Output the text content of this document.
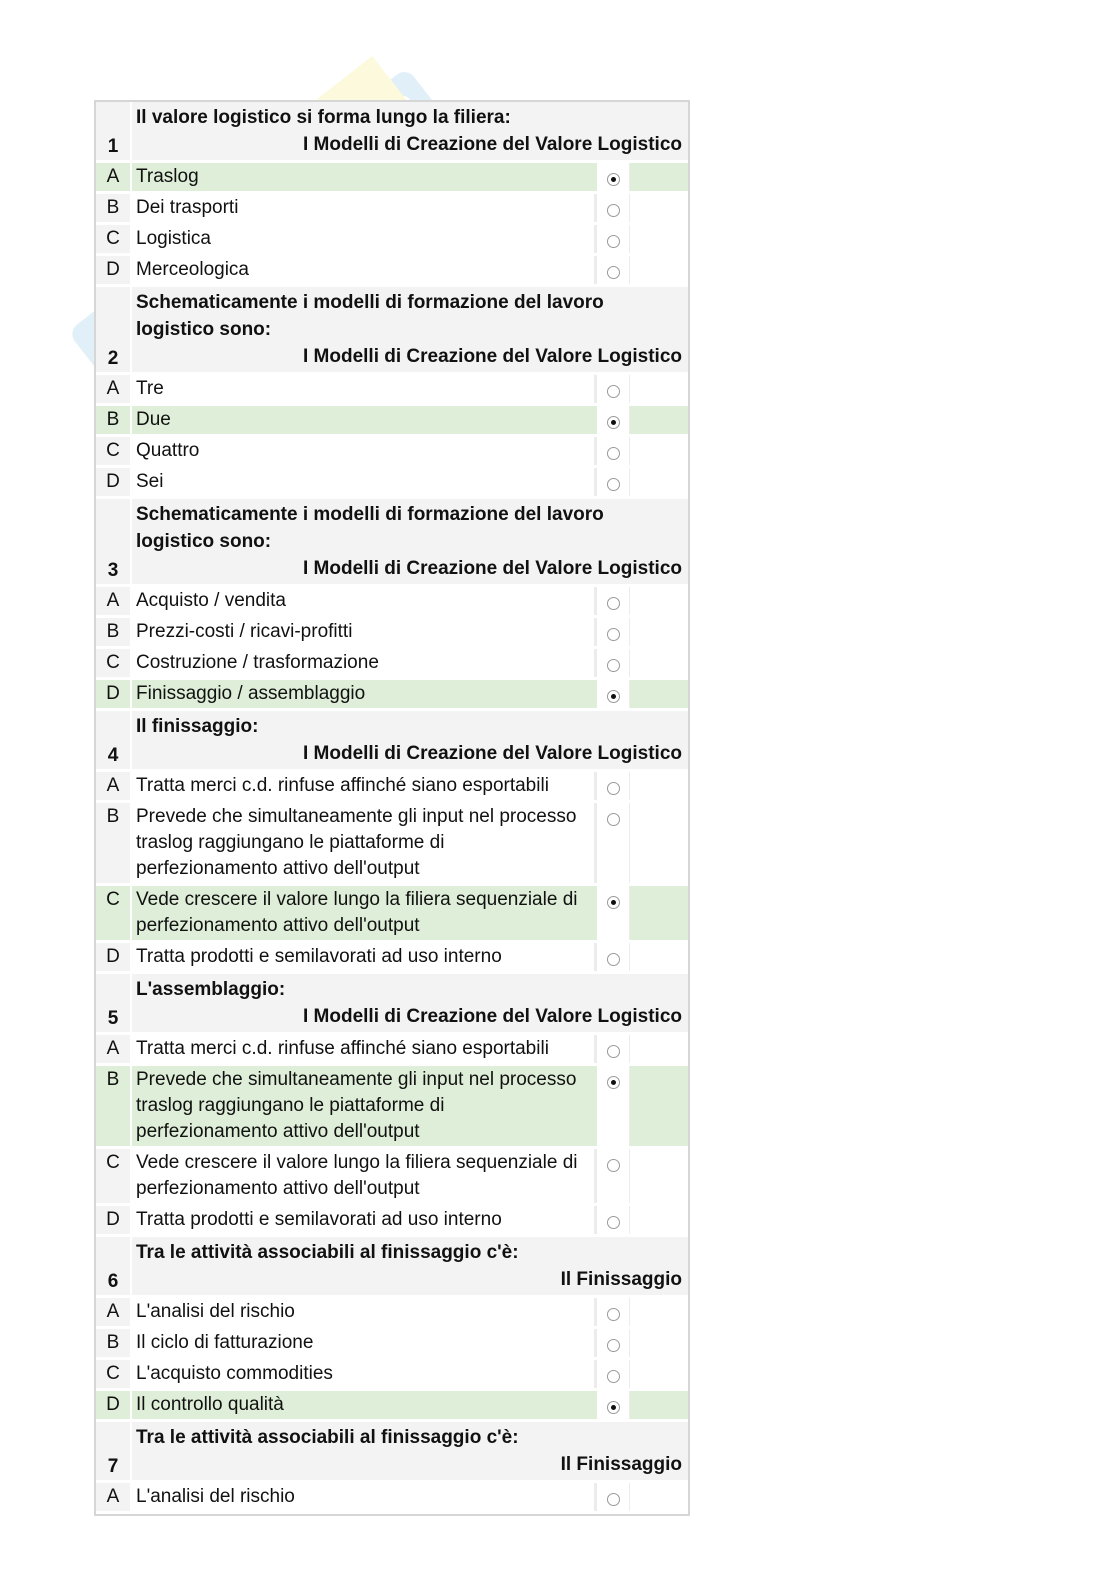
1
Il valore logistico si forma lungo la filiera:
I Modelli di Creazione del Valore Logistico
A Traslog
B Dei trasporti
C Logistica
D Merceologica
2
Schematicamente i modelli di formazione del lavoro logistico sono:
I Modelli di Creazione del Valore Logistico
A Tre
B Due
C Quattro
D Sei
3
Schematicamente i modelli di formazione del lavoro logistico sono:
I Modelli di Creazione del Valore Logistico
A Acquisto / vendita
B Prezzi-costi / ricavi-profitti
C Costruzione / trasformazione
D Finissaggio / assemblaggio
4
Il finissaggio:
I Modelli di Creazione del Valore Logistico
A Tratta merci c.d. rinfuse affinché siano esportabili
B Prevede che simultaneamente gli input nel processo traslog raggiungano le piattaforme di perfezionamento attivo dell'output
C Vede crescere il valore lungo la filiera sequenziale di perfezionamento attivo dell'output
D Tratta prodotti e semilavorati ad uso interno
5
L'assemblaggio:
I Modelli di Creazione del Valore Logistico
A Tratta merci c.d. rinfuse affinché siano esportabili
B Prevede che simultaneamente gli input nel processo traslog raggiungano le piattaforme di perfezionamento attivo dell'output
C Vede crescere il valore lungo la filiera sequenziale di perfezionamento attivo dell'output
D Tratta prodotti e semilavorati ad uso interno
6
Tra le attività associabili al finissaggio c'è:
Il Finissaggio
A L'analisi del rischio
B Il ciclo di fatturazione
C L'acquisto commodities
D Il controllo qualità
7
Tra le attività associabili al finissaggio c'è:
Il Finissaggio
A L'analisi del rischio
